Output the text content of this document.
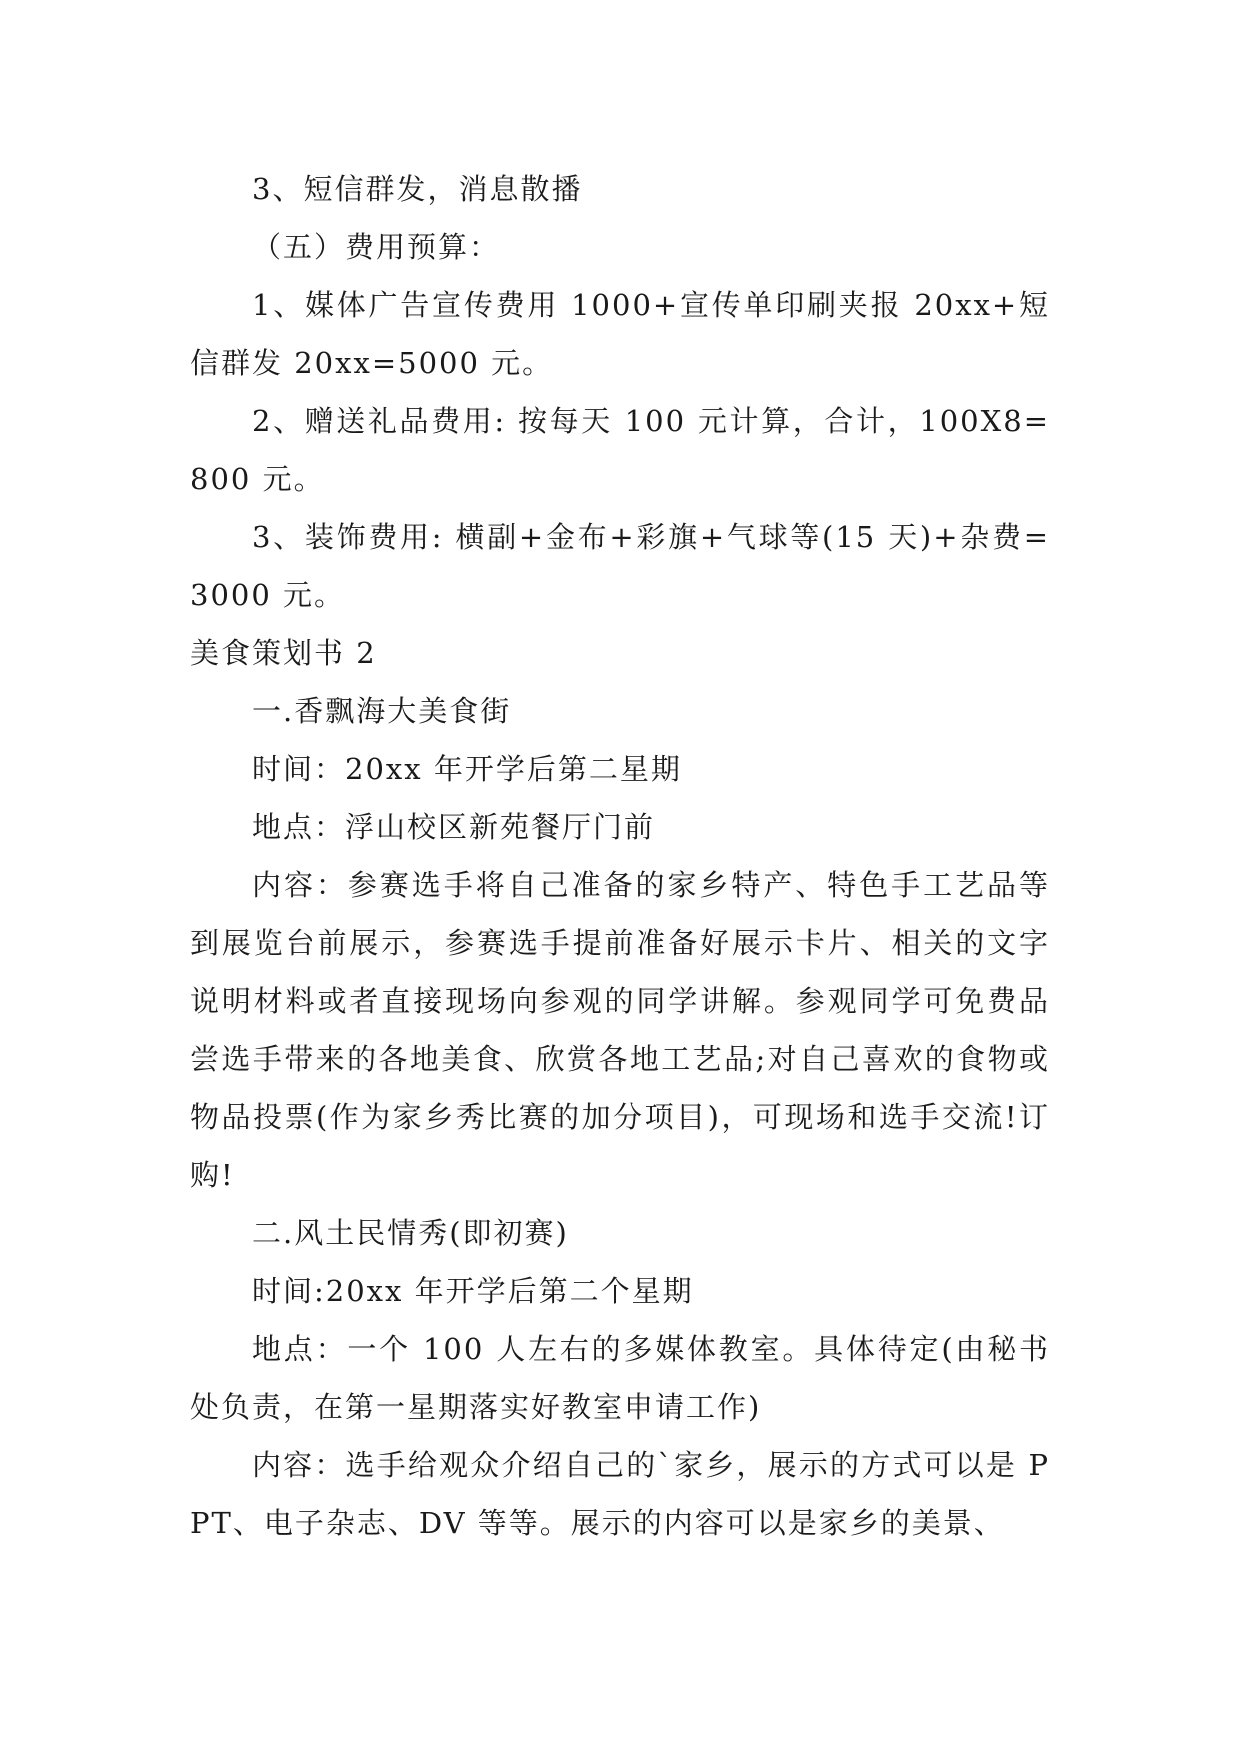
3、短信群发，消息散播

（五）费用预算：

1、媒体广告宣传费用 1000+宣传单印刷夹报 20xx+短信群发 20xx=5000 元。

2、赠送礼品费用: 按每天 100 元计算，合计，100X8=800 元。

3、装饰费用: 横副+金布+彩旗+气球等(15 天)+杂费=3000 元。

美食策划书 2

一.香飘海大美食街

时间：20xx 年开学后第二星期

地点：浮山校区新苑餐厅门前

内容：参赛选手将自己准备的家乡特产、特色手工艺品等到展览台前展示，参赛选手提前准备好展示卡片、相关的文字说明材料或者直接现场向参观的同学讲解。参观同学可免费品尝选手带来的各地美食、欣赏各地工艺品;对自己喜欢的食物或物品投票(作为家乡秀比赛的加分项目)，可现场和选手交流!订购!

二.风土民情秀(即初赛)

时间:20xx 年开学后第二个星期

地点：一个 100 人左右的多媒体教室。具体待定(由秘书处负责，在第一星期落实好教室申请工作)

内容：选手给观众介绍自己的`家乡，展示的方式可以是 PPT、电子杂志、DV 等等。展示的内容可以是家乡的美景、
